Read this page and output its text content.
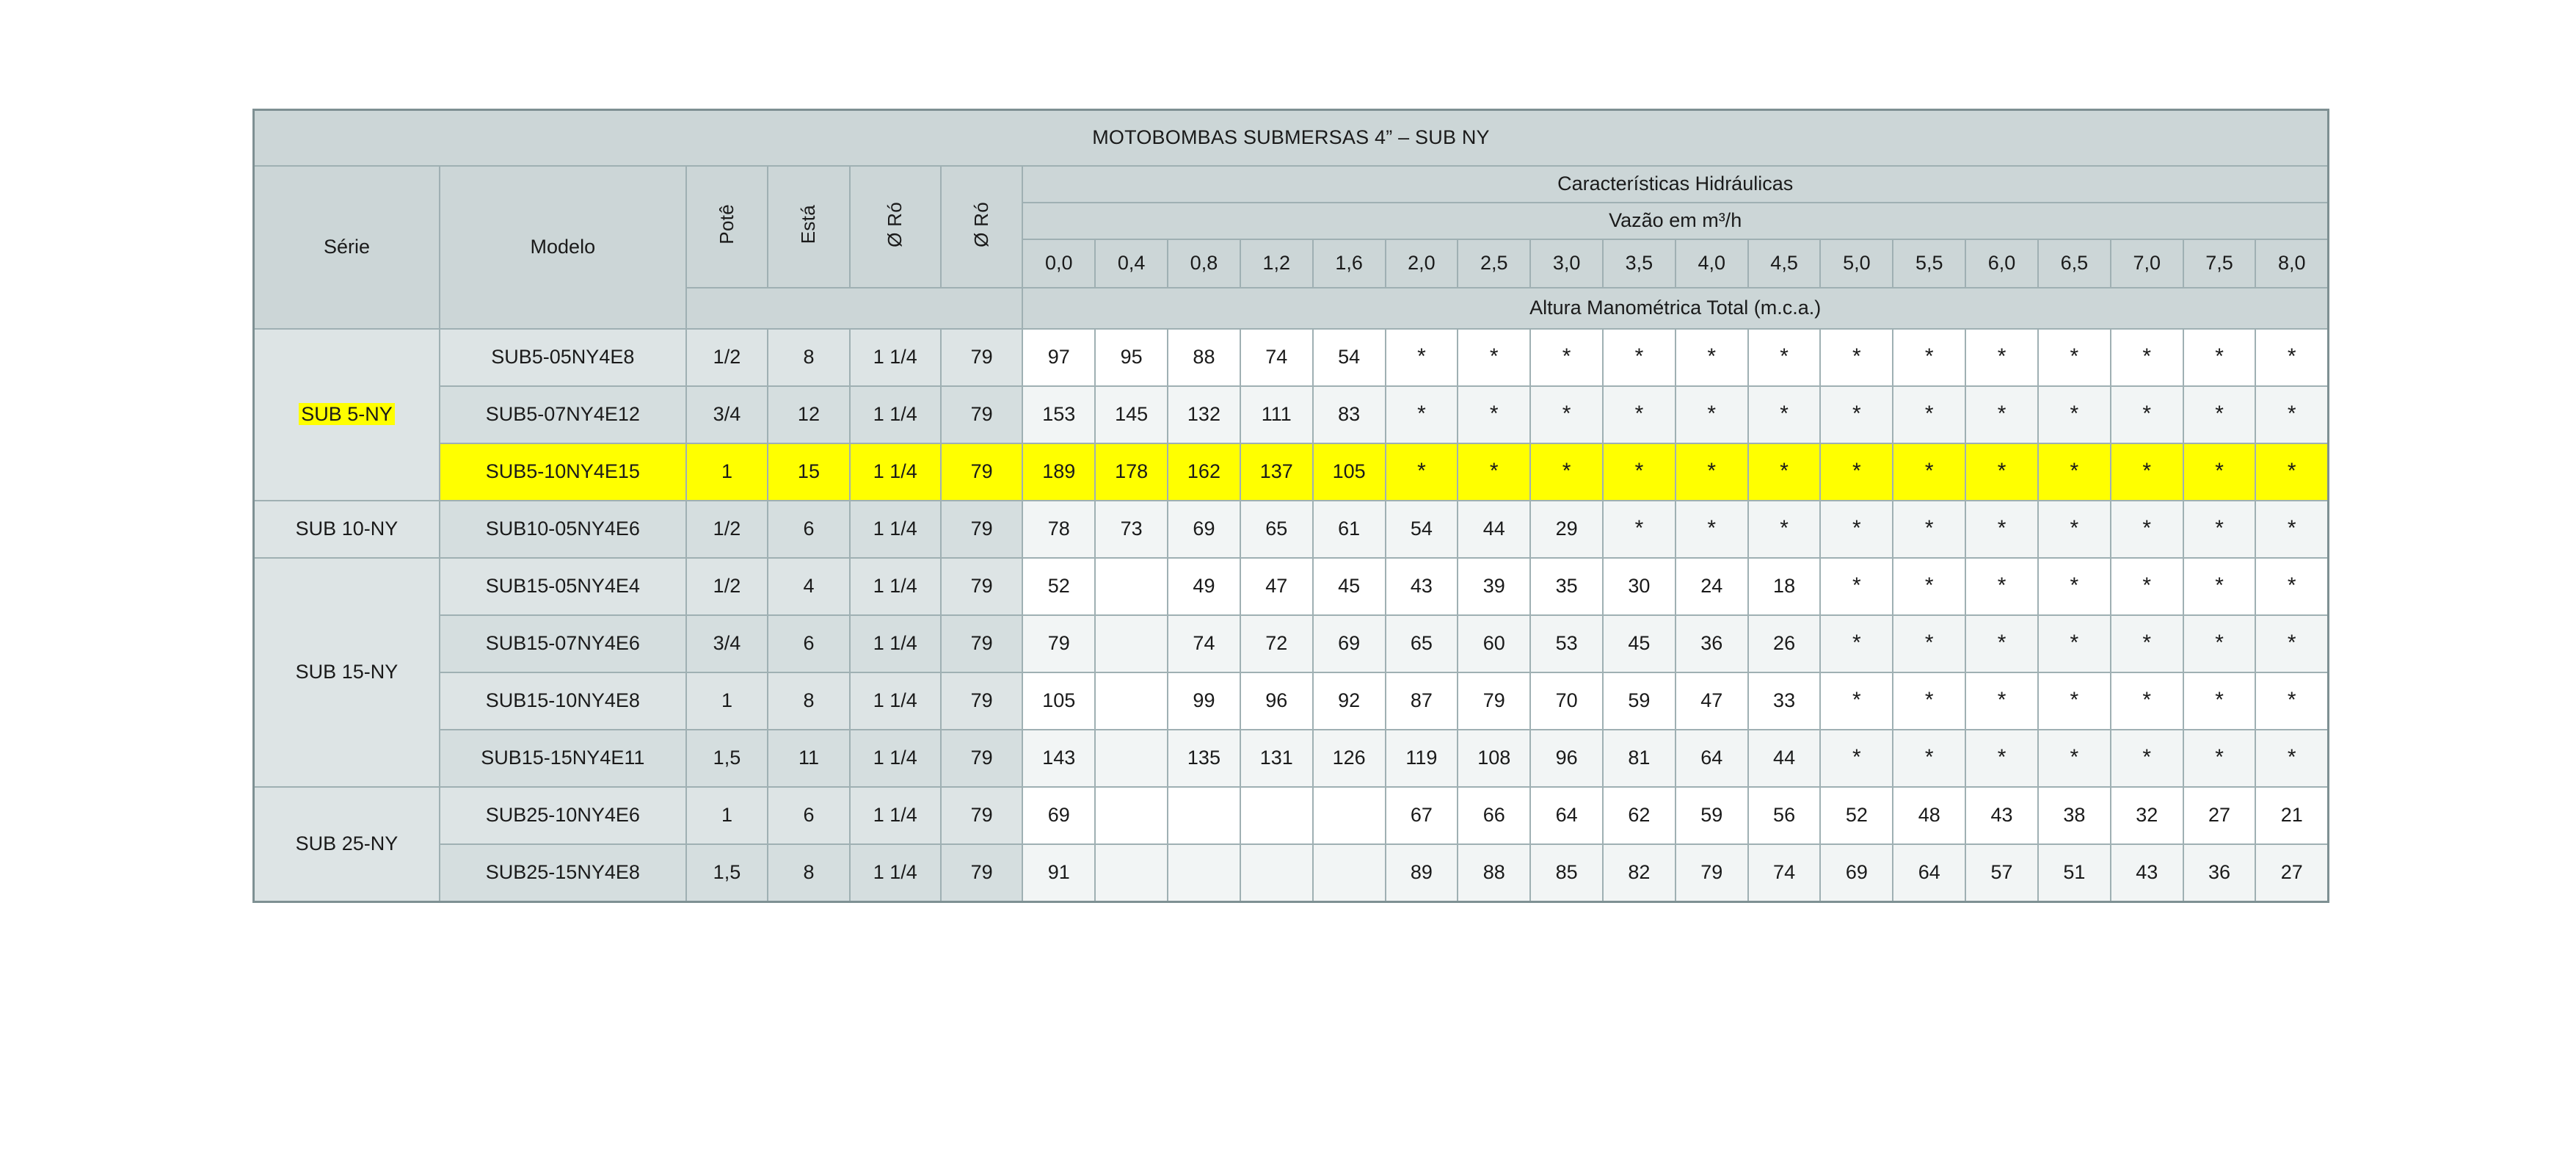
MOTOBOMBAS SUBMERSAS 4” – SUB NY																							
Série	Modelo	Potê	Está	Ø Ró	Ø Ró	Características Hidráulicas																	
						Vazão em m³/h																	
						0,0	0,4	0,8	1,2	1,6	2,0	2,5	3,0	3,5	4,0	4,5	5,0	5,5	6,0	6,5	7,0	7,5	8,0
						Altura Manométrica Total (m.c.a.)																	
SUB 5-NY	SUB5-05NY4E8	1/2	8	1 1/4	79	97	95	88	74	54	*	*	*	*	*	*	*	*	*	*	*	*	*
	SUB5-07NY4E12	3/4	12	1 1/4	79	153	145	132	111	83	*	*	*	*	*	*	*	*	*	*	*	*	*
	SUB5-10NY4E15	1	15	1 1/4	79	189	178	162	137	105	*	*	*	*	*	*	*	*	*	*	*	*	*
SUB 10-NY	SUB10-05NY4E6	1/2	6	1 1/4	79	78	73	69	65	61	54	44	29	*	*	*	*	*	*	*	*	*	*
SUB 15-NY	SUB15-05NY4E4	1/2	4	1 1/4	79	52		49	47	45	43	39	35	30	24	18	*	*	*	*	*	*	*
	SUB15-07NY4E6	3/4	6	1 1/4	79	79		74	72	69	65	60	53	45	36	26	*	*	*	*	*	*	*
	SUB15-10NY4E8	1	8	1 1/4	79	105		99	96	92	87	79	70	59	47	33	*	*	*	*	*	*	*
	SUB15-15NY4E11	1,5	11	1 1/4	79	143		135	131	126	119	108	96	81	64	44	*	*	*	*	*	*	*
SUB 25-NY	SUB25-10NY4E6	1	6	1 1/4	79	69					67	66	64	62	59	56	52	48	43	38	32	27	21
	SUB25-15NY4E8	1,5	8	1 1/4	79	91					89	88	85	82	79	74	69	64	57	51	43	36	27
